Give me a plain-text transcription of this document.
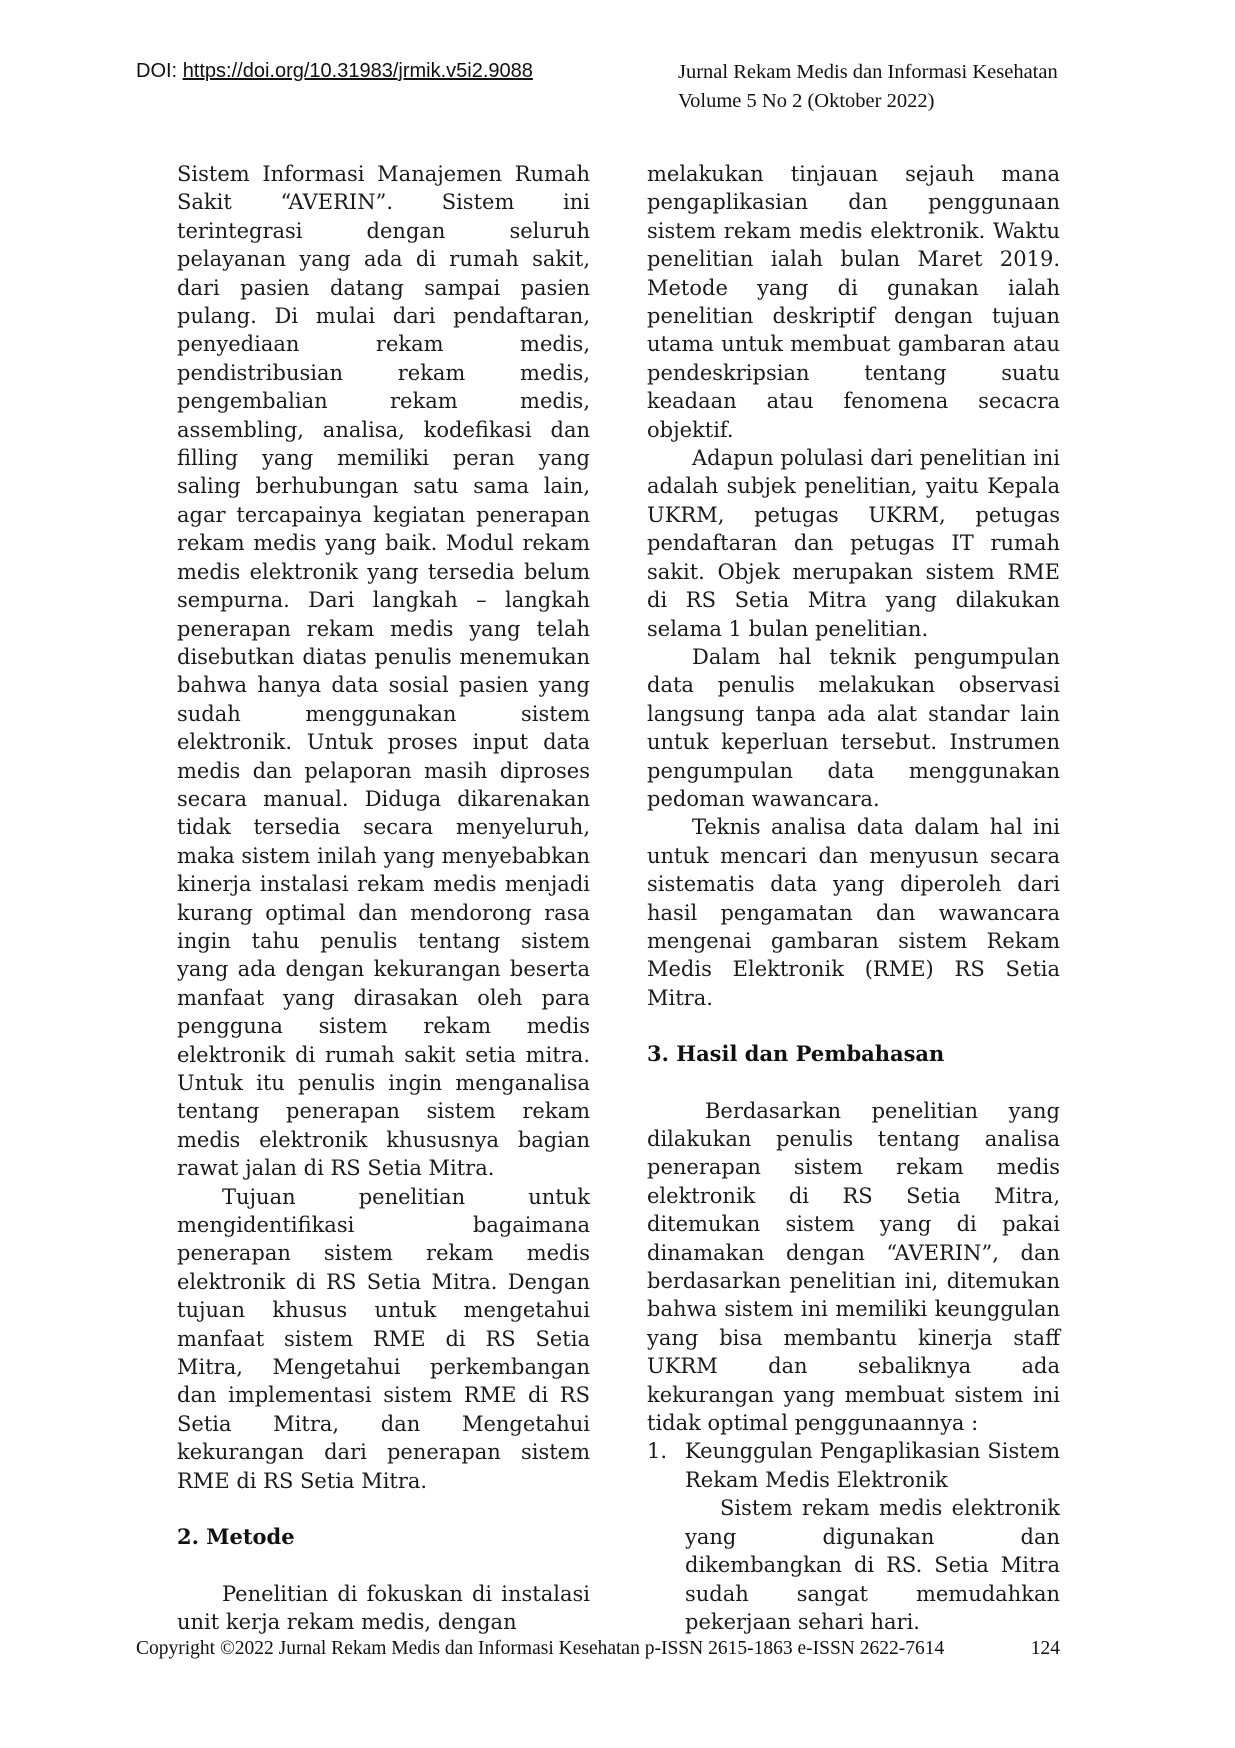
DOI: https://doi.org/10.31983/jrmik.v5i2.9088	Jurnal Rekam Medis dan Informasi Kesehatan
Volume 5 No 2 (Oktober 2022)

Sistem Informasi Manajemen Rumah Sakit “AVERIN”. Sistem ini terintegrasi dengan seluruh pelayanan yang ada di rumah sakit, dari pasien datang sampai pasien pulang. Di mulai dari pendaftaran, penyediaan rekam medis, pendistribusian rekam medis, pengembalian rekam medis, assembling, analisa, kodefikasi dan filling yang memiliki peran yang saling berhubungan satu sama lain, agar tercapainya kegiatan penerapan rekam medis yang baik. Modul rekam medis elektronik yang tersedia belum sempurna. Dari langkah – langkah penerapan rekam medis yang telah disebutkan diatas penulis menemukan bahwa hanya data sosial pasien yang sudah menggunakan sistem elektronik. Untuk proses input data medis dan pelaporan masih diproses secara manual. Diduga dikarenakan tidak tersedia secara menyeluruh, maka sistem inilah yang menyebabkan kinerja instalasi rekam medis menjadi kurang optimal dan mendorong rasa ingin tahu penulis tentang sistem yang ada dengan kekurangan beserta manfaat yang dirasakan oleh para pengguna sistem rekam medis elektronik di rumah sakit setia mitra. Untuk itu penulis ingin menganalisa tentang penerapan sistem rekam medis elektronik khususnya bagian rawat jalan di RS Setia Mitra.

Tujuan penelitian untuk mengidentifikasi bagaimana penerapan sistem rekam medis elektronik di RS Setia Mitra. Dengan tujuan khusus untuk mengetahui manfaat sistem RME di RS Setia Mitra, Mengetahui perkembangan dan implementasi sistem RME di RS Setia Mitra, dan Mengetahui kekurangan dari penerapan sistem RME di RS Setia Mitra.

2. Metode

Penelitian di fokuskan di instalasi unit kerja rekam medis, dengan

melakukan tinjauan sejauh mana pengaplikasian dan penggunaan sistem rekam medis elektronik. Waktu penelitian ialah bulan Maret 2019. Metode yang di gunakan ialah penelitian deskriptif dengan tujuan utama untuk membuat gambaran atau pendeskripsian tentang suatu keadaan atau fenomena secacra objektif.

Adapun polulasi dari penelitian ini adalah subjek penelitian, yaitu Kepala UKRM, petugas UKRM, petugas pendaftaran dan petugas IT rumah sakit. Objek merupakan sistem RME di RS Setia Mitra yang dilakukan selama 1 bulan penelitian.

Dalam hal teknik pengumpulan data penulis melakukan observasi langsung tanpa ada alat standar lain untuk keperluan tersebut. Instrumen pengumpulan data menggunakan pedoman wawancara.

Teknis analisa data dalam hal ini untuk mencari dan menyusun secara sistematis data yang diperoleh dari hasil pengamatan dan wawancara mengenai gambaran sistem Rekam Medis Elektronik (RME) RS Setia Mitra.

3. Hasil dan Pembahasan

Berdasarkan penelitian yang dilakukan penulis tentang analisa penerapan sistem rekam medis elektronik di RS Setia Mitra, ditemukan sistem yang di pakai dinamakan dengan “AVERIN”, dan berdasarkan penelitian ini, ditemukan bahwa sistem ini memiliki keunggulan yang bisa membantu kinerja staff UKRM dan sebaliknya ada kekurangan yang membuat sistem ini tidak optimal penggunaannya :

1. Keunggulan Pengaplikasian Sistem Rekam Medis Elektronik

Sistem rekam medis elektronik yang digunakan dan dikembangkan di RS. Setia Mitra sudah sangat memudahkan pekerjaan sehari hari.

Copyright ©2022 Jurnal Rekam Medis dan Informasi Kesehatan p-ISSN 2615-1863 e-ISSN 2622-7614	124
